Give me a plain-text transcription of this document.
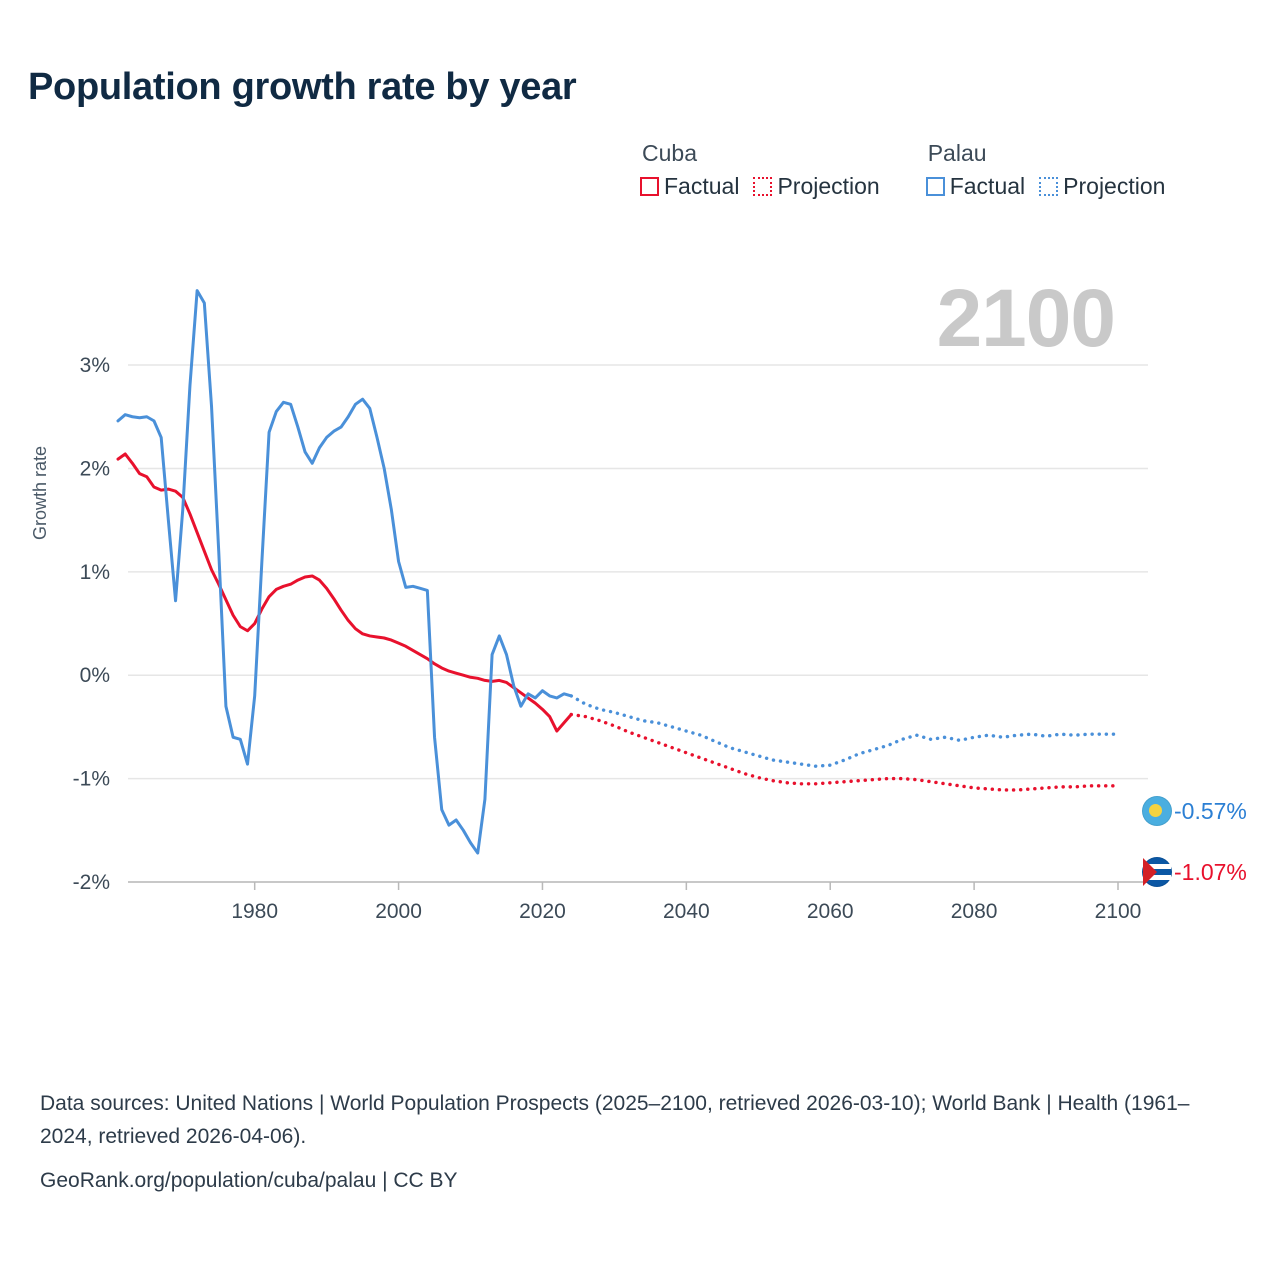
Population growth rate by year
Cuba
Factual Projection
Palau
Factual Projection
2100
Growth rate
3%
2%
1%
0%
-1%
-2%
1980	2000	2020	2040	2060	2080	2100
-0.57%
-1.07%
Data sources: United Nations | World Population Prospects (2025–2100, retrieved 2026-03-10); World Bank | Health (1961–2024, retrieved 2026-04-06).
GeoRank.org/population/cuba/palau | CC BY
